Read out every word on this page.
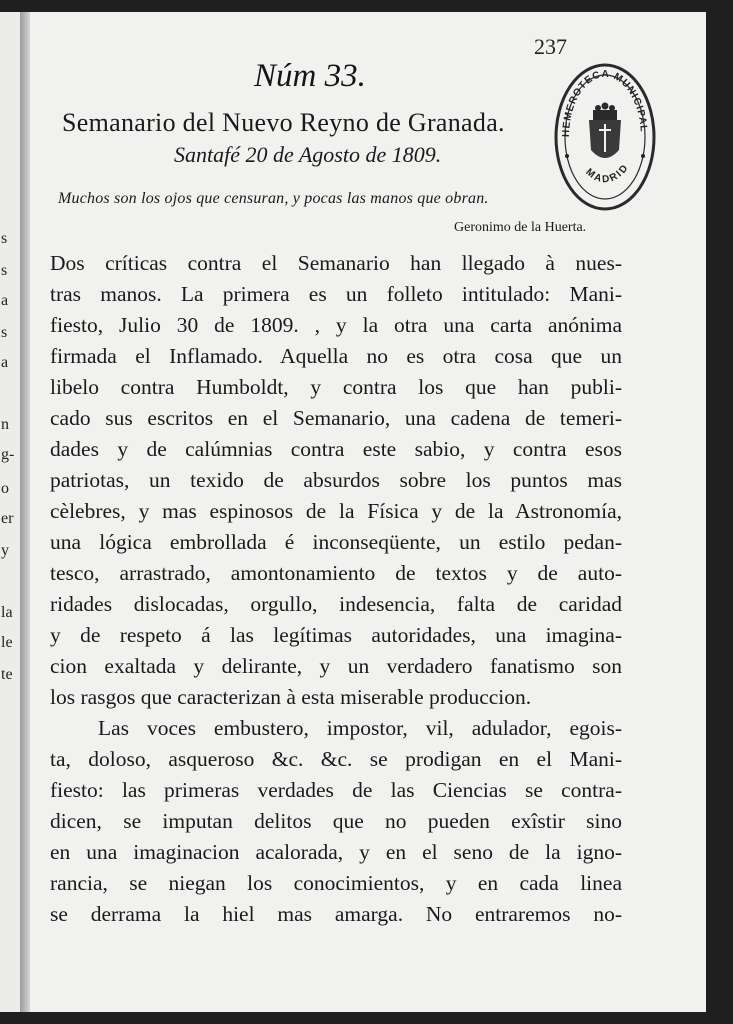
s
s
a
s
a
n
g-
o
er
y
la
le
te
237
Núm 33.
Semanario del Nuevo Reyno de Granada.
Santafé 20 de Agosto de 1809.
Muchos son los ojos que censuran, y pocas las manos que obran.
Geronimo de la Huerta.
Dos críticas contra el Semanario han llegado à nues-
tras manos. La primera es un folleto intitulado: Mani-
fiesto, Julio 30 de 1809. , y la otra una carta anónima
firmada el Inflamado. Aquella no es otra cosa que un
libelo contra Humboldt, y contra los que han publi-
cado sus escritos en el Semanario, una cadena de temeri-
dades y de calúmnias contra este sabio, y contra esos
patriotas, un texido de absurdos sobre los puntos mas
cèlebres, y mas espinosos de la Física y de la Astronomía,
una lógica embrollada é inconseqüente, un estilo pedan-
tesco, arrastrado, amontonamiento de textos y de auto-
ridades dislocadas, orgullo, indesencia, falta de caridad
y de respeto á las legítimas autoridades, una imagina-
cion exaltada y delirante, y un verdadero fanatismo son
los rasgos que caracterizan à esta miserable produccion.
Las voces embustero, impostor, vil, adulador, egois-
ta, doloso, asqueroso &c. &c. se prodigan en el Mani-
fiesto: las primeras verdades de las Ciencias se contra-
dicen, se imputan delitos que no pueden exîstir sino
en una imaginacion acalorada, y en el seno de la igno-
rancia, se niegan los conocimientos, y en cada linea
se derrama la hiel mas amarga. No entraremos no-
HEMEROTECA MUNICIPAL
MADRID
